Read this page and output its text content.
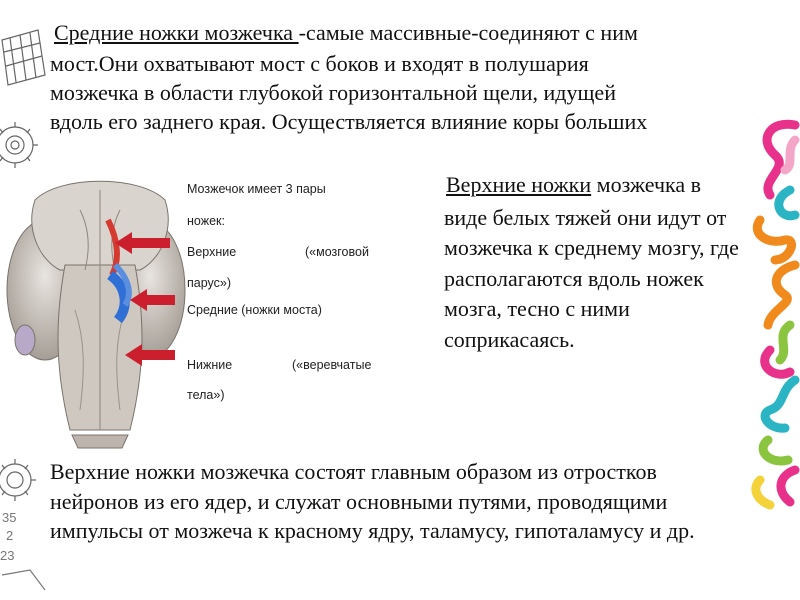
35
2
23
Средние ножки мозжечка -самые массивные-соединяют с ним мост.Они охватывают мост с боков и входят в полушария мозжечка в области глубокой горизонтальной щели, идущей вдоль его заднего края. Осуществляется влияние коры больших
Мозжечок имеет 3 пары
ножек:
Верхние	(«мозговой
парус»)
Средние (ножки моста)
Нижние	(«веревчатые
тела»)
Верхние ножки мозжечка в виде белых тяжей они идут от мозжечка к среднему мозгу, где располагаются вдоль ножек мозга, тесно с ними соприкасаясь.
Верхние ножки мозжечка состоят главным образом из отростков нейронов из его ядер, и служат основными путями, проводящими импульсы от мозжеча к красному ядру, таламусу, гипоталамусу и др.
